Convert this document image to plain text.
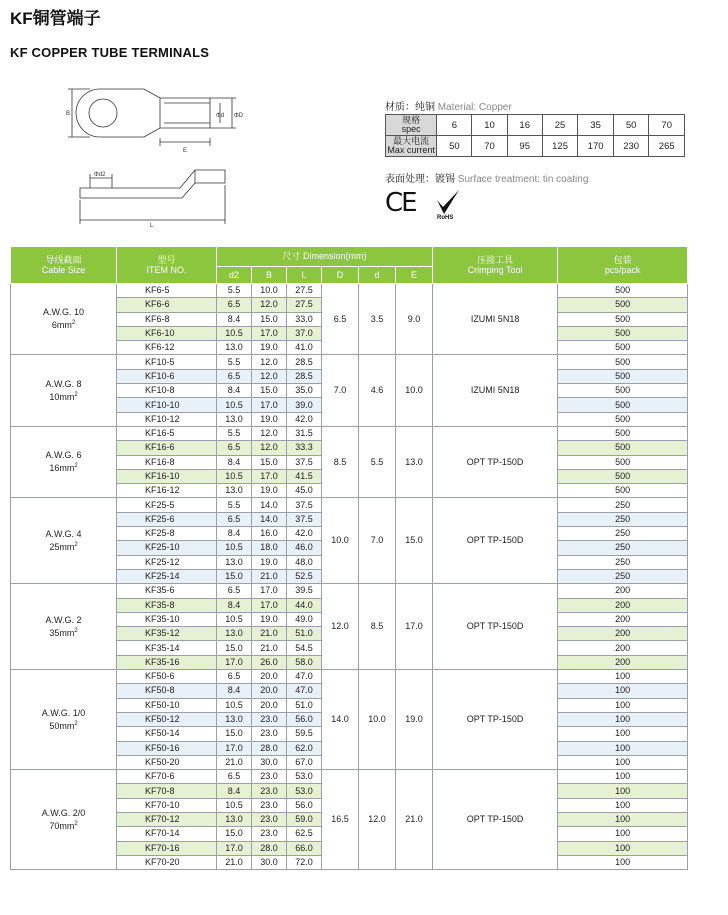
KF铜管端子
KF COPPER TUBE TERMINALS
B	Φd ΦD
E
Φd2
L
材质：纯铜 Material: Copper
规格
spec	6	10	16	25	35	50	70
最大电流
Max current	50	70	95	125	170	230	265
表面处理：镀锡 Surface treatment: tin coating
CE	RoHS
导线截面
Cable Size	型号
ITEM NO.	尺寸 Dimension(mm)						压接工具
Crimping Tool	包装
pcs/pack
		d2	B	L	D	d	E		
A.W.G. 10
$6mm^2$	KF6-5	5.5	10.0	27.5	6.5	3.5	9.0	IZUMI 5N18	500
	KF6-6	6.5	12.0	27.5					500
	KF6-8	8.4	15.0	33.0					500
	KF6-10	10.5	17.0	37.0					500
	KF6-12	13.0	19.0	41.0					500
A.W.G. 8
$10mm^2$	KF10-5	5.5	12.0	28.5	7.0	4.6	10.0	IZUMI 5N18	500
	KF10-6	6.5	12.0	28.5					500
	KF10-8	8.4	15.0	35.0					500
	KF10-10	10.5	17.0	39.0					500
	KF10-12	13.0	19.0	42.0					500
A.W.G. 6
$16mm^2$	KF16-5	5.5	12.0	31.5	8.5	5.5	13.0	OPT TP-150D	500
	KF16-6	6.5	12.0	33.3					500
	KF16-8	8.4	15.0	37.5					500
	KF16-10	10.5	17.0	41.5					500
	KF16-12	13.0	19.0	45.0					500
A.W.G. 4
$25mm^2$	KF25-5	5.5	14.0	37.5	10.0	7.0	15.0	OPT TP-150D	250
	KF25-6	6.5	14.0	37.5					250
	KF25-8	8.4	16.0	42.0					250
	KF25-10	10.5	18.0	46.0					250
	KF25-12	13.0	19.0	48.0					250
	KF25-14	15.0	21.0	52.5					250
A.W.G. 2
$35mm^2$	KF35-6	6.5	17.0	39.5	12.0	8.5	17.0	OPT TP-150D	200
	KF35-8	8.4	17.0	44.0					200
	KF35-10	10.5	19.0	49.0					200
	KF35-12	13.0	21.0	51.0					200
	KF35-14	15.0	21.0	54.5					200
	KF35-16	17.0	26.0	58.0					200
A.W.G. 1/0
$50mm^2$	KF50-6	6.5	20.0	47.0	14.0	10.0	19.0	OPT TP-150D	100
	KF50-8	8.4	20.0	47.0					100
	KF50-10	10.5	20.0	51.0					100
	KF50-12	13.0	23.0	56.0					100
	KF50-14	15.0	23.0	59.5					100
	KF50-16	17.0	28.0	62.0					100
	KF50-20	21.0	30.0	67.0					100
A.W.G. 2/0
$70mm^2$	KF70-6	6.5	23.0	53.0	16.5	12.0	21.0	OPT TP-150D	100
	KF70-8	8.4	23.0	53.0					100
	KF70-10	10.5	23.0	56.0					100
	KF70-12	13.0	23.0	59.0					100
	KF70-14	15.0	23.0	62.5					100
	KF70-16	17.0	28.0	66.0					100
	KF70-20	21.0	30.0	72.0					100
